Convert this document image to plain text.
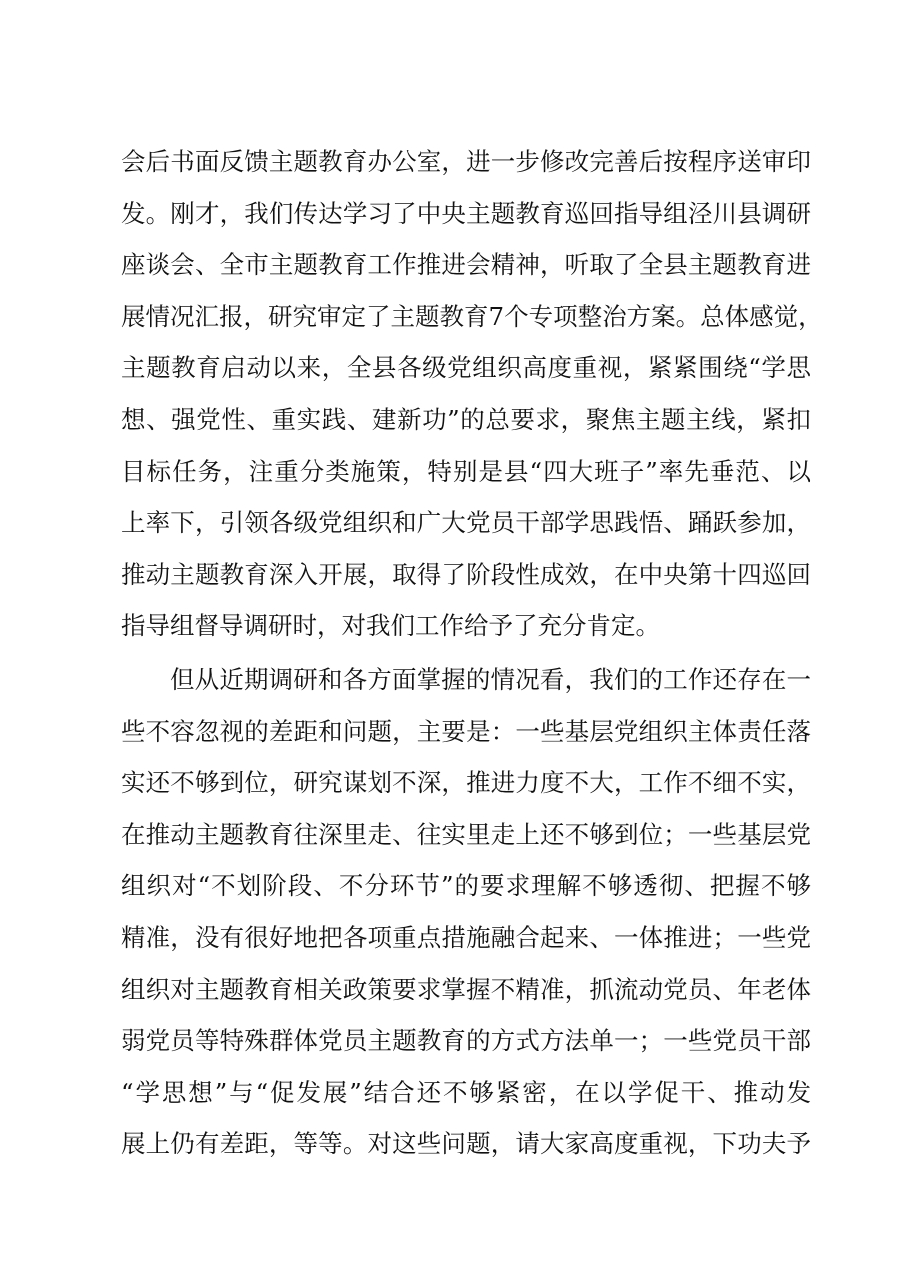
会后书面反馈主题教育办公室，进一步修改完善后按程序送审印
发。刚才，我们传达学习了中央主题教育巡回指导组泾川县调研
座谈会、全市主题教育工作推进会精神，听取了全县主题教育进
展情况汇报，研究审定了主题教育7个专项整治方案。总体感觉，
主题教育启动以来，全县各级党组织高度重视，紧紧围绕“学思
想、强党性、重实践、建新功”的总要求，聚焦主题主线，紧扣
目标任务，注重分类施策，特别是县“四大班子”率先垂范、以
上率下，引领各级党组织和广大党员干部学思践悟、踊跃参加，
推动主题教育深入开展，取得了阶段性成效，在中央第十四巡回
指导组督导调研时，对我们工作给予了充分肯定。
但从近期调研和各方面掌握的情况看，我们的工作还存在一
些不容忽视的差距和问题，主要是：一些基层党组织主体责任落
实还不够到位，研究谋划不深，推进力度不大，工作不细不实，
在推动主题教育往深里走、往实里走上还不够到位；一些基层党
组织对“不划阶段、不分环节”的要求理解不够透彻、把握不够
精准，没有很好地把各项重点措施融合起来、一体推进；一些党
组织对主题教育相关政策要求掌握不精准，抓流动党员、年老体
弱党员等特殊群体党员主题教育的方式方法单一；一些党员干部
“学思想”与“促发展”结合还不够紧密，在以学促干、推动发
展上仍有差距，等等。对这些问题，请大家高度重视，下功夫予
